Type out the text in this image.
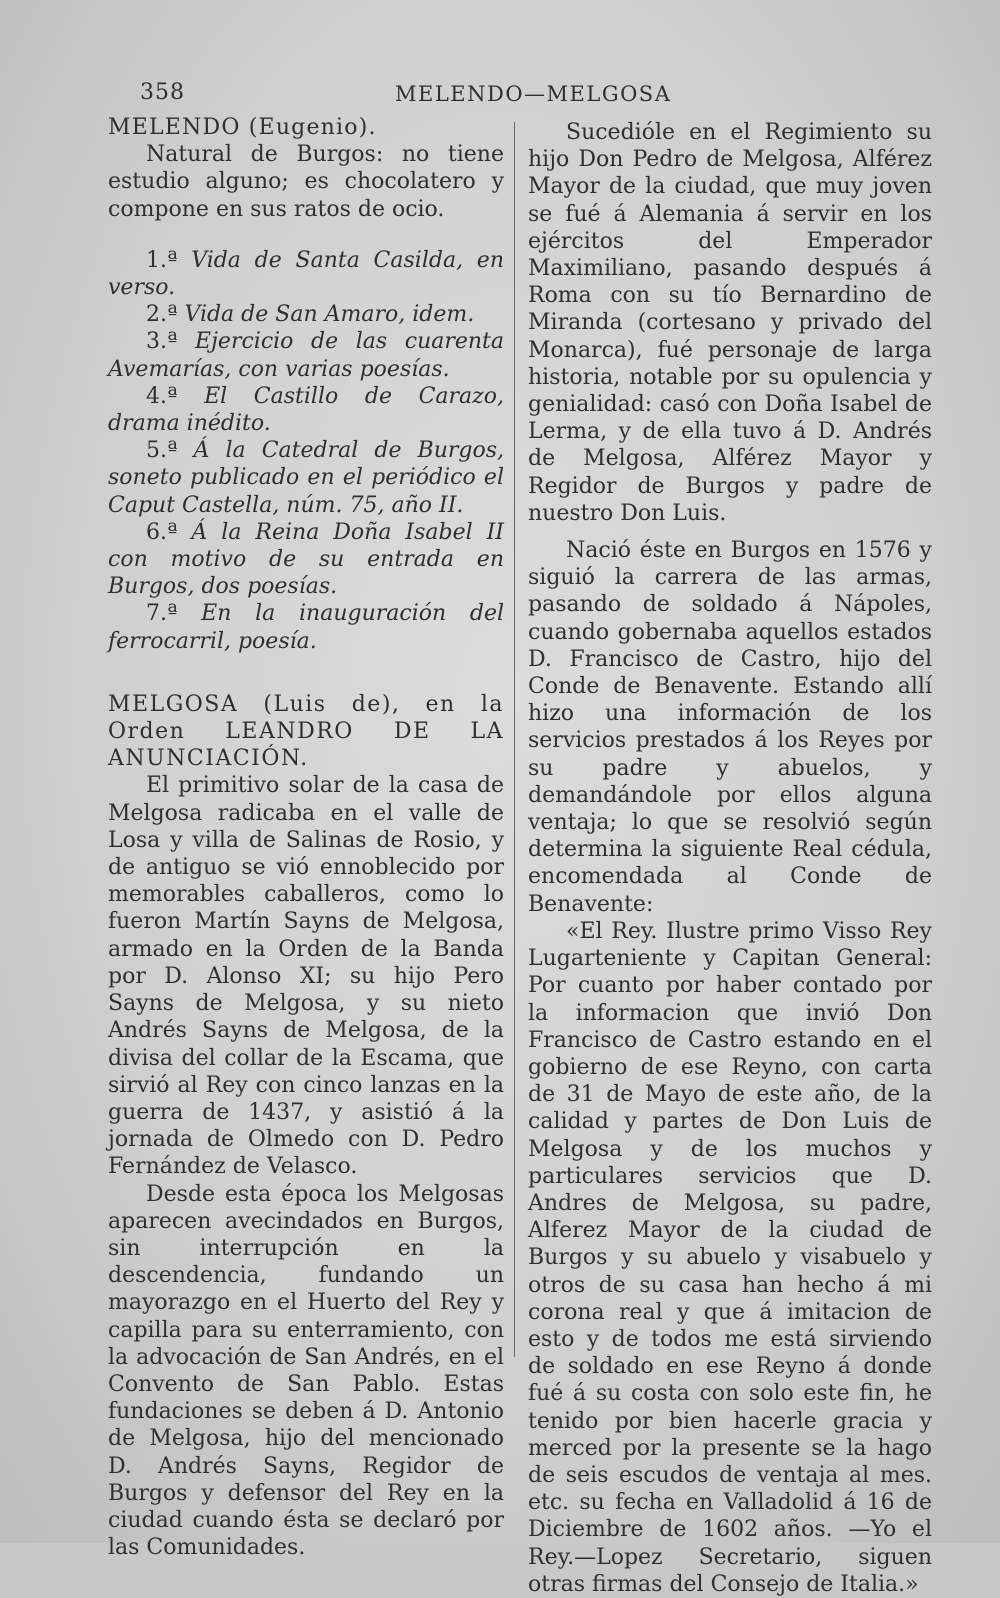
358	MELENDO—MELGOSA

MELENDO (Eugenio).

Natural de Burgos: no tiene estudio alguno; es chocolatero y compone en sus ratos de ocio.

1.ª Vida de Santa Casilda, en verso.

2.ª Vida de San Amaro, idem.

3.ª Ejercicio de las cuarenta Avemarías, con varias poesías.

4.ª El Castillo de Carazo, drama inédito.

5.ª Á la Catedral de Burgos, soneto publicado en el periódico el Caput Castella, núm. 75, año II.

6.ª Á la Reina Doña Isabel II con motivo de su entrada en Burgos, dos poesías.

7.ª En la inauguración del ferrocarril, poesía.

MELGOSA (Luis de), en la Orden LEANDRO DE LA ANUNCIACIÓN.

El primitivo solar de la casa de Melgosa radicaba en el valle de Losa y villa de Salinas de Rosio, y de antiguo se vió ennoblecido por memorables caballeros, como lo fueron Martín Sayns de Melgosa, armado en la Orden de la Banda por D. Alonso XI; su hijo Pero Sayns de Melgosa, y su nieto Andrés Sayns de Melgosa, de la divisa del collar de la Escama, que sirvió al Rey con cinco lanzas en la guerra de 1437, y asistió á la jornada de Olmedo con D. Pedro Fernández de Velasco.

Desde esta época los Melgosas aparecen avecindados en Burgos, sin interrupción en la descendencia, fundando un mayorazgo en el Huerto del Rey y capilla para su enterramiento, con la advocación de San Andrés, en el Convento de San Pablo. Estas fundaciones se deben á D. Antonio de Melgosa, hijo del mencionado D. Andrés Sayns, Regidor de Burgos y defensor del Rey en la ciudad cuando ésta se declaró por las Comunidades.

Sucedióle en el Regimiento su hijo Don Pedro de Melgosa, Alférez Mayor de la ciudad, que muy joven se fué á Alemania á servir en los ejércitos del Emperador Maximiliano, pasando después á Roma con su tío Bernardino de Miranda (cortesano y privado del Monarca), fué personaje de larga historia, notable por su opulencia y genialidad: casó con Doña Isabel de Lerma, y de ella tuvo á D. Andrés de Melgosa, Alférez Mayor y Regidor de Burgos y padre de nuestro Don Luis.

Nació éste en Burgos en 1576 y siguió la carrera de las armas, pasando de soldado á Nápoles, cuando gobernaba aquellos estados D. Francisco de Castro, hijo del Conde de Benavente. Estando allí hizo una información de los servicios prestados á los Reyes por su padre y abuelos, y demandándole por ellos alguna ventaja; lo que se resolvió según determina la siguiente Real cédula, encomendada al Conde de Benavente:

«El Rey. Ilustre primo Visso Rey Lugarteniente y Capitan General: Por cuanto por haber contado por la informacion que invió Don Francisco de Castro estando en el gobierno de ese Reyno, con carta de 31 de Mayo de este año, de la calidad y partes de Don Luis de Melgosa y de los muchos y particulares servicios que D. Andres de Melgosa, su padre, Alferez Mayor de la ciudad de Burgos y su abuelo y visabuelo y otros de su casa han hecho á mi corona real y que á imitacion de esto y de todos me está sirviendo de soldado en ese Reyno á donde fué á su costa con solo este fin, he tenido por bien hacerle gracia y merced por la presente se la hago de seis escudos de ventaja al mes. etc. su fecha en Valladolid á 16 de Diciembre de 1602 años. —Yo el Rey.—Lopez Secretario, siguen otras firmas del Consejo de Italia.»
